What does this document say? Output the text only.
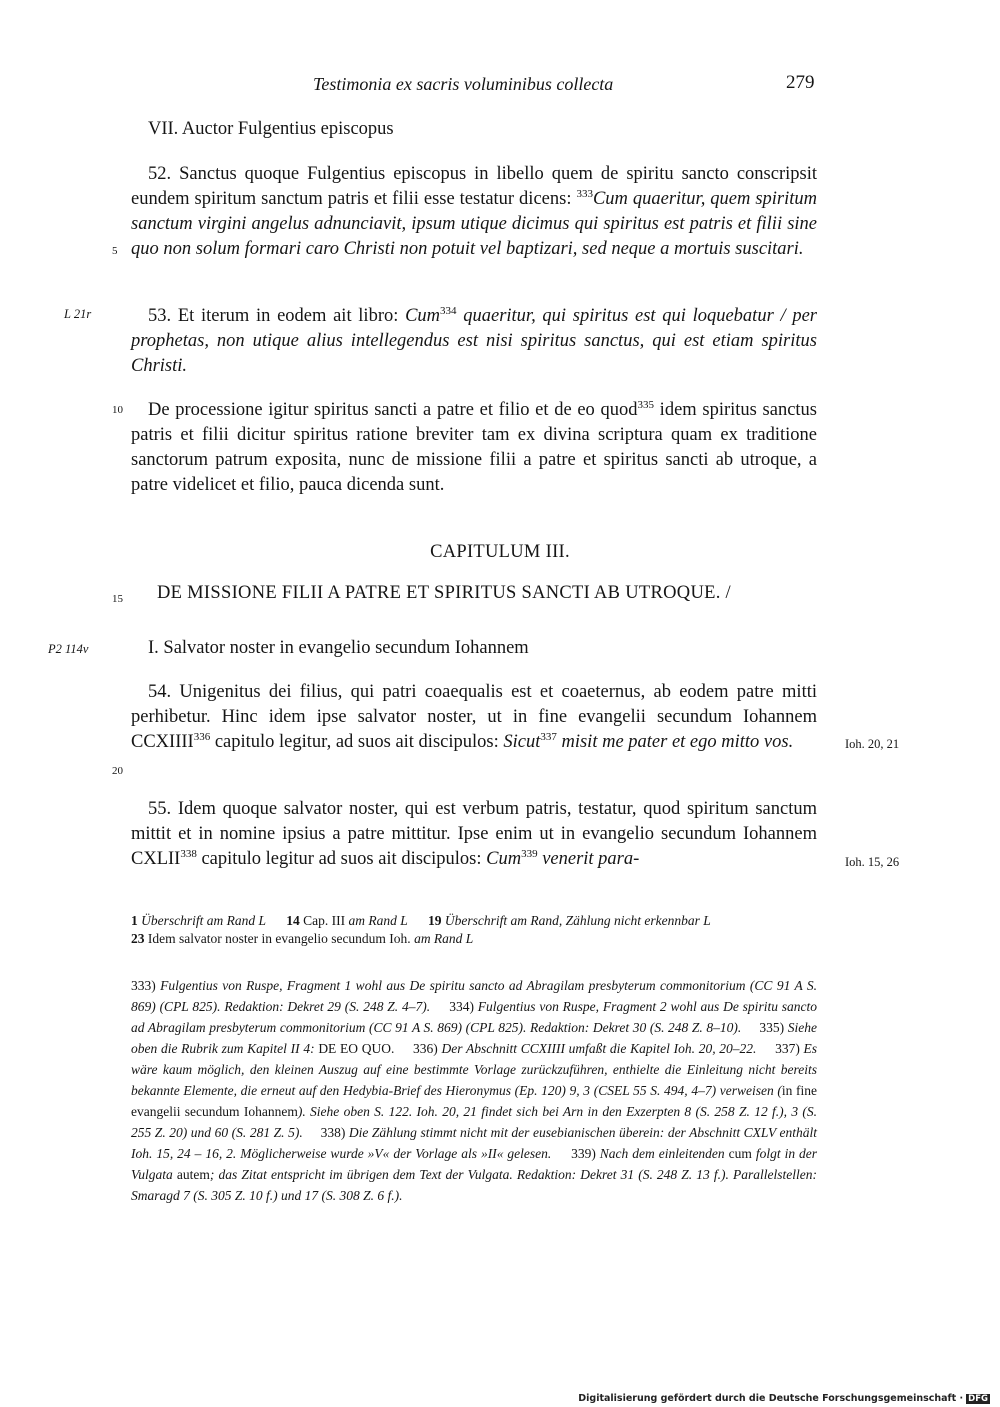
Testimonia ex sacris voluminibus collecta	279
VII. Auctor Fulgentius episcopus
52. Sanctus quoque Fulgentius episcopus in libello quem de spiritu sancto conscripsit eundem spiritum sanctum patris et filii esse testatur dicens: $^{333}$Cum quaeritur, quem spiritum sanctum virgini angelus adnunciavit, ipsum utique dicimus qui spiritus est patris et filii sine quo non solum formari caro Christi non potuit vel baptizari, sed neque a mortuis suscitari.
5
L 21r	53. Et iterum in eodem ait libro: Cum$^{334}$ quaeritur, qui spiritus est qui loquebatur / per prophetas, non utique alius intellegendus est nisi spiritus sanctus, qui est etiam spiritus Christi.
10	De processione igitur spiritus sancti a patre et filio et de eo quod$^{335}$ idem spiritus sanctus patris et filii dicitur spiritus ratione breviter tam ex divina scriptura quam ex traditione sanctorum patrum exposita, nunc de missione filii a patre et spiritus sancti ab utroque, a patre videlicet et filio, pauca dicenda sunt.
CAPITULUM III.
15 DE MISSIONE FILII A PATRE ET SPIRITUS SANCTI AB UTROQUE. /
P2 114v	I. Salvator noster in evangelio secundum Iohannem
54. Unigenitus dei filius, qui patri coaequalis est et coaeternus, ab eodem patre mitti perhibetur. Hinc idem ipse salvator noster, ut in fine evangelii secundum Iohannem CCXIIII$^{336}$ capitulo legitur, ad suos ait discipulos: Sicut$^{337}$ misit me pater et ego mitto vos.	Ioh. 20, 21
20
55. Idem quoque salvator noster, qui est verbum patris, testatur, quod spiritum sanctum mittit et in nomine ipsius a patre mittitur. Ipse enim ut in evangelio secundum Iohannem CXLII$^{338}$ capitulo legitur ad suos ait discipulos: Cum$^{339}$ venerit para-	Ioh. 15, 26
1 Überschrift am Rand L 14 Cap. III am Rand L 19 Überschrift am Rand, Zählung nicht erkennbar L
23 Idem salvator noster in evangelio secundum Ioh. am Rand L
333) Fulgentius von Ruspe, Fragment 1 wohl aus De spiritu sancto ad Abragilam presbyterum commonitorium (CC 91 A S. 869) (CPL 825). Redaktion: Dekret 29 (S. 248 Z. 4–7). 334) Fulgentius von Ruspe, Fragment 2 wohl aus De spiritu sancto ad Abragilam presbyterum commonitorium (CC 91 A S. 869) (CPL 825). Redaktion: Dekret 30 (S. 248 Z. 8–10). 335) Siehe oben die Rubrik zum Kapitel II 4: DE EO QUO. 336) Der Abschnitt CCXIIII umfaßt die Kapitel Ioh. 20, 20–22. 337) Es wäre kaum möglich, den kleinen Auszug auf eine bestimmte Vorlage zurückzuführen, enthielte die Einleitung nicht bereits bekannte Elemente, die erneut auf den Hedybia-Brief des Hieronymus (Ep. 120) 9, 3 (CSEL 55 S. 494, 4–7) verweisen (in fine evangelii secundum Iohannem). Siehe oben S. 122. Ioh. 20, 21 findet sich bei Arn in den Exzerpten 8 (S. 258 Z. 12 f.), 3 (S. 255 Z. 20) und 60 (S. 281 Z. 5). 338) Die Zählung stimmt nicht mit der eusebianischen überein: der Abschnitt CXLV enthält Ioh. 15, 24 – 16, 2. Möglicherweise wurde »V« der Vorlage als »II« gelesen. 339) Nach dem einleitenden cum folgt in der Vulgata autem; das Zitat entspricht im übrigen dem Text der Vulgata. Redaktion: Dekret 31 (S. 248 Z. 13 f.). Parallelstellen: Smaragd 7 (S. 305 Z. 10 f.) und 17 (S. 308 Z. 6 f.).
Digitalisierung gefördert durch die Deutsche Forschungsgemeinschaft · DFG
